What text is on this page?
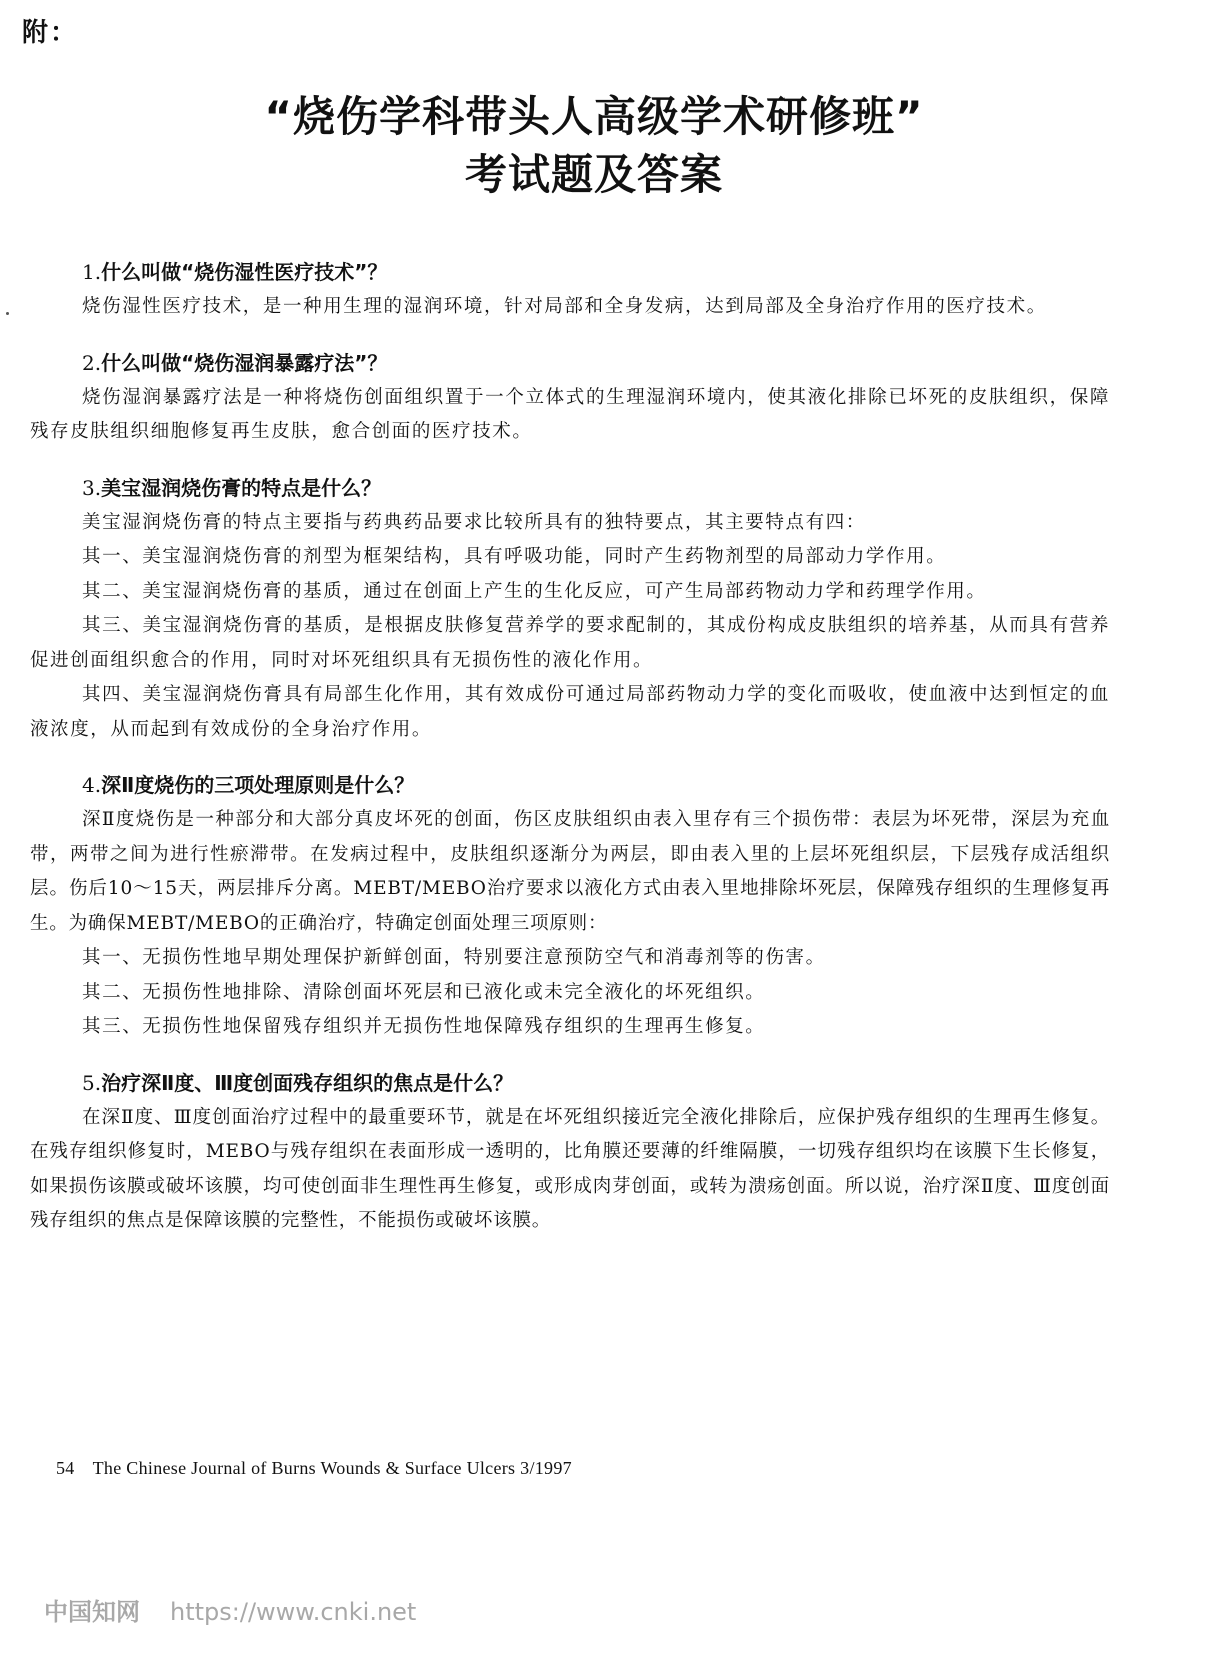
附：
“烧伤学科带头人高级学术研修班”
考试题及答案
1.什么叫做“烧伤湿性医疗技术”？

烧伤湿性医疗技术，是一种用生理的湿润环境，针对局部和全身发病，达到局部及全身治疗作用的医疗技术。

2.什么叫做“烧伤湿润暴露疗法”？

烧伤湿润暴露疗法是一种将烧伤创面组织置于一个立体式的生理湿润环境内，使其液化排除已坏死的皮肤组织，保障残存皮肤组织细胞修复再生皮肤，愈合创面的医疗技术。

3.美宝湿润烧伤膏的特点是什么？

美宝湿润烧伤膏的特点主要指与药典药品要求比较所具有的独特要点，其主要特点有四：

其一、美宝湿润烧伤膏的剂型为框架结构，具有呼吸功能，同时产生药物剂型的局部动力学作用。

其二、美宝湿润烧伤膏的基质，通过在创面上产生的生化反应，可产生局部药物动力学和药理学作用。

其三、美宝湿润烧伤膏的基质，是根据皮肤修复营养学的要求配制的，其成份构成皮肤组织的培养基，从而具有营养促进创面组织愈合的作用，同时对坏死组织具有无损伤性的液化作用。

其四、美宝湿润烧伤膏具有局部生化作用，其有效成份可通过局部药物动力学的变化而吸收，使血液中达到恒定的血液浓度，从而起到有效成份的全身治疗作用。

4.深Ⅱ度烧伤的三项处理原则是什么？

深Ⅱ度烧伤是一种部分和大部分真皮坏死的创面，伤区皮肤组织由表入里存有三个损伤带：表层为坏死带，深层为充血带，两带之间为进行性瘀滞带。在发病过程中，皮肤组织逐渐分为两层，即由表入里的上层坏死组织层，下层残存成活组织层。伤后10～15天，两层排斥分离。MEBT/MEBO治疗要求以液化方式由表入里地排除坏死层，保障残存组织的生理修复再生。为确保MEBT/MEBO的正确治疗，特确定创面处理三项原则：

其一、无损伤性地早期处理保护新鲜创面，特别要注意预防空气和消毒剂等的伤害。

其二、无损伤性地排除、清除创面坏死层和已液化或未完全液化的坏死组织。

其三、无损伤性地保留残存组织并无损伤性地保障残存组织的生理再生修复。

5.治疗深Ⅱ度、Ⅲ度创面残存组织的焦点是什么？

在深Ⅱ度、Ⅲ度创面治疗过程中的最重要环节，就是在坏死组织接近完全液化排除后，应保护残存组织的生理再生修复。在残存组织修复时，MEBO与残存组织在表面形成一透明的，比角膜还要薄的纤维隔膜，一切残存组织均在该膜下生长修复，如果损伤该膜或破坏该膜，均可使创面非生理性再生修复，或形成肉芽创面，或转为溃疡创面。所以说，治疗深Ⅱ度、Ⅲ度创面残存组织的焦点是保障该膜的完整性，不能损伤或破坏该膜。

54 The Chinese Journal of Burns Wounds & Surface Ulcers 3/1997
中国知网 https://www.cnki.net
